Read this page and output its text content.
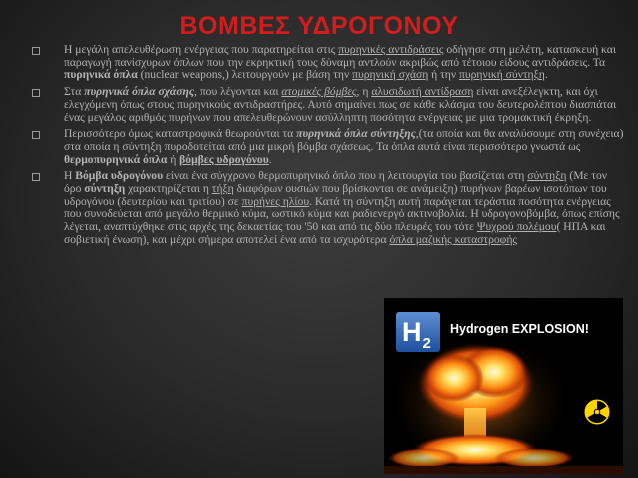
ΒΟΜΒΕΣ ΥΔΡΟΓΟΝΟΥ
Η μεγάλη απελευθέρωση ενέργειας που παρατηρείται στις πυρηνικές αντιδράσεις οδήγησε στη μελέτη, κατασκευή και παραγωγή πανίσχυρων όπλων που την εκρηκτική τους δύναμη αντλούν ακριβώς από τέτοιου είδους αντιδράσεις. Τα πυρηνικά όπλα (nuclear weapons,) λειτουργούν με βάση την πυρηνική σχάση ή την πυρηνική σύντηξη.
Στα πυρηνικά όπλα σχάσης, που λέγονται και ατομικές βόμβες, η αλυσιδωτή αντίδραση είναι ανεξέλεγκτη, και όχι ελεγχόμενη όπως στους πυρηνικούς αντιδραστήρες. Αυτό σημαίνει πως σε κάθε κλάσμα του δευτερολέπτου διασπάται ένας μεγάλος αριθμός πυρήνων που απελευθερώνουν ασύλληπτη ποσότητα ενέργειας με μια τρομακτική έκρηξη.
Περισσότερο όμως καταστροφικά θεωρούνται τα πυρηνικά όπλα σύντηξης,(τα οποία και θα αναλύσουμε στη συνέχεια) στα οποία η σύντηξη πυροδοτείται από μια μικρή βόμβα σχάσεως. Τα όπλα αυτά είναι περισσότερο γνωστά ως θερμοπυρηνικά όπλα ή βόμβες υδρογόνου.
Η Βόμβα υδρογόνου είναι ένα σύγχρονο θερμοπυρηνικό όπλο που η λειτουργία του βασίζεται στη σύντηξη (Με τον όρο σύντηξη χαρακτηρίζεται η τήξη διαφόρων ουσιών που βρίσκονται σε ανάμειξη) πυρήνων βαρέων ισοτόπων του υδρογόνου (δευτερίου και τριτίου) σε πυρήνες ηλίου. Κατά τη σύντηξη αυτή παράγεται τεράστια ποσότητα ενέργειας που συνοδεύεται από μεγάλο θερμικό κύμα, ωστικό κύμα και ραδιενεργό ακτινοβολία. Η υδρογονοβόμβα, όπως επίσης λέγεται, αναπτύχθηκε στις αρχές της δεκαετίας του '50 και από τις δύο πλευρές του τότε Ψυχρού πολέμου( ΗΠΑ και σοβιετική ένωση), και μέχρι σήμερα αποτελεί ένα από τα ισχυρότερα όπλα μαζικής καταστροφής
$H_2$
Hydrogen EXPLOSION!
